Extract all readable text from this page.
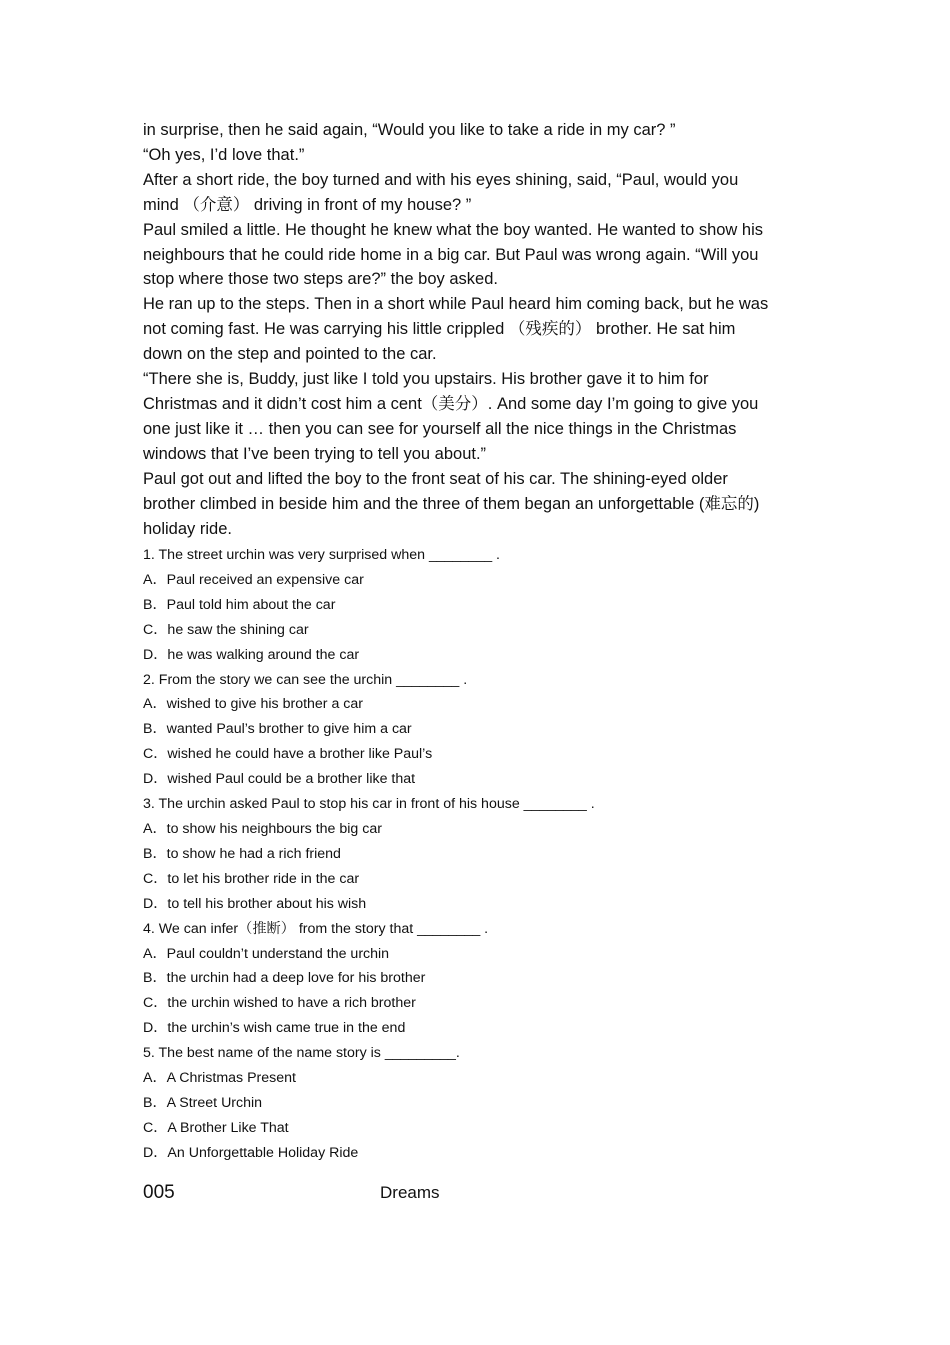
in surprise, then he said again, “Would you like to take a ride in my car? ”

“Oh yes, I’d love that.”

After a short ride, the boy turned and with his eyes shining, said, “Paul, would you

mind （介意） driving in front of my house? ”

Paul smiled a little. He thought he knew what the boy wanted. He wanted to show his

neighbours that he could ride home in a big car. But Paul was wrong again. “Will you

stop where those two steps are?” the boy asked.

He ran up to the steps. Then in a short while Paul heard him coming back, but he was

not coming fast. He was carrying his little crippled （残疾的） brother. He sat him

down on the step and pointed to the car.

“There she is, Buddy, just like I told you upstairs. His brother gave it to him for

Christmas and it didn’t cost him a cent（美分）. And some day I’m going to give you

one just like it … then you can see for yourself all the nice things in the Christmas

windows that I’ve been trying to tell you about.”

Paul got out and lifted the boy to the front seat of his car. The shining-eyed older

brother climbed in beside him and the three of them began an unforgettable (难忘的)

holiday ride.

1. The street urchin was very surprised when ________ .

A．Paul received an expensive car

B．Paul told him about the car

C．he saw the shining car

D．he was walking around the car

2. From the story we can see the urchin ________ .

A．wished to give his brother a car

B．wanted Paul’s brother to give him a car

C．wished he could have a brother like Paul’s

D．wished Paul could be a brother like that

3. The urchin asked Paul to stop his car in front of his house ________ .

A．to show his neighbours the big car

B．to show he had a rich friend

C．to let his brother ride in the car

D．to tell his brother about his wish

4. We can infer（推断） from the story that ________ .

A．Paul couldn’t understand the urchin

B．the urchin had a deep love for his brother

C．the urchin wished to have a rich brother

D．the urchin’s wish came true in the end

5. The best name of the name story is _________.

A．A Christmas Present

B．A Street Urchin

C．A Brother Like That

D．An Unforgettable Holiday Ride

005	Dreams
